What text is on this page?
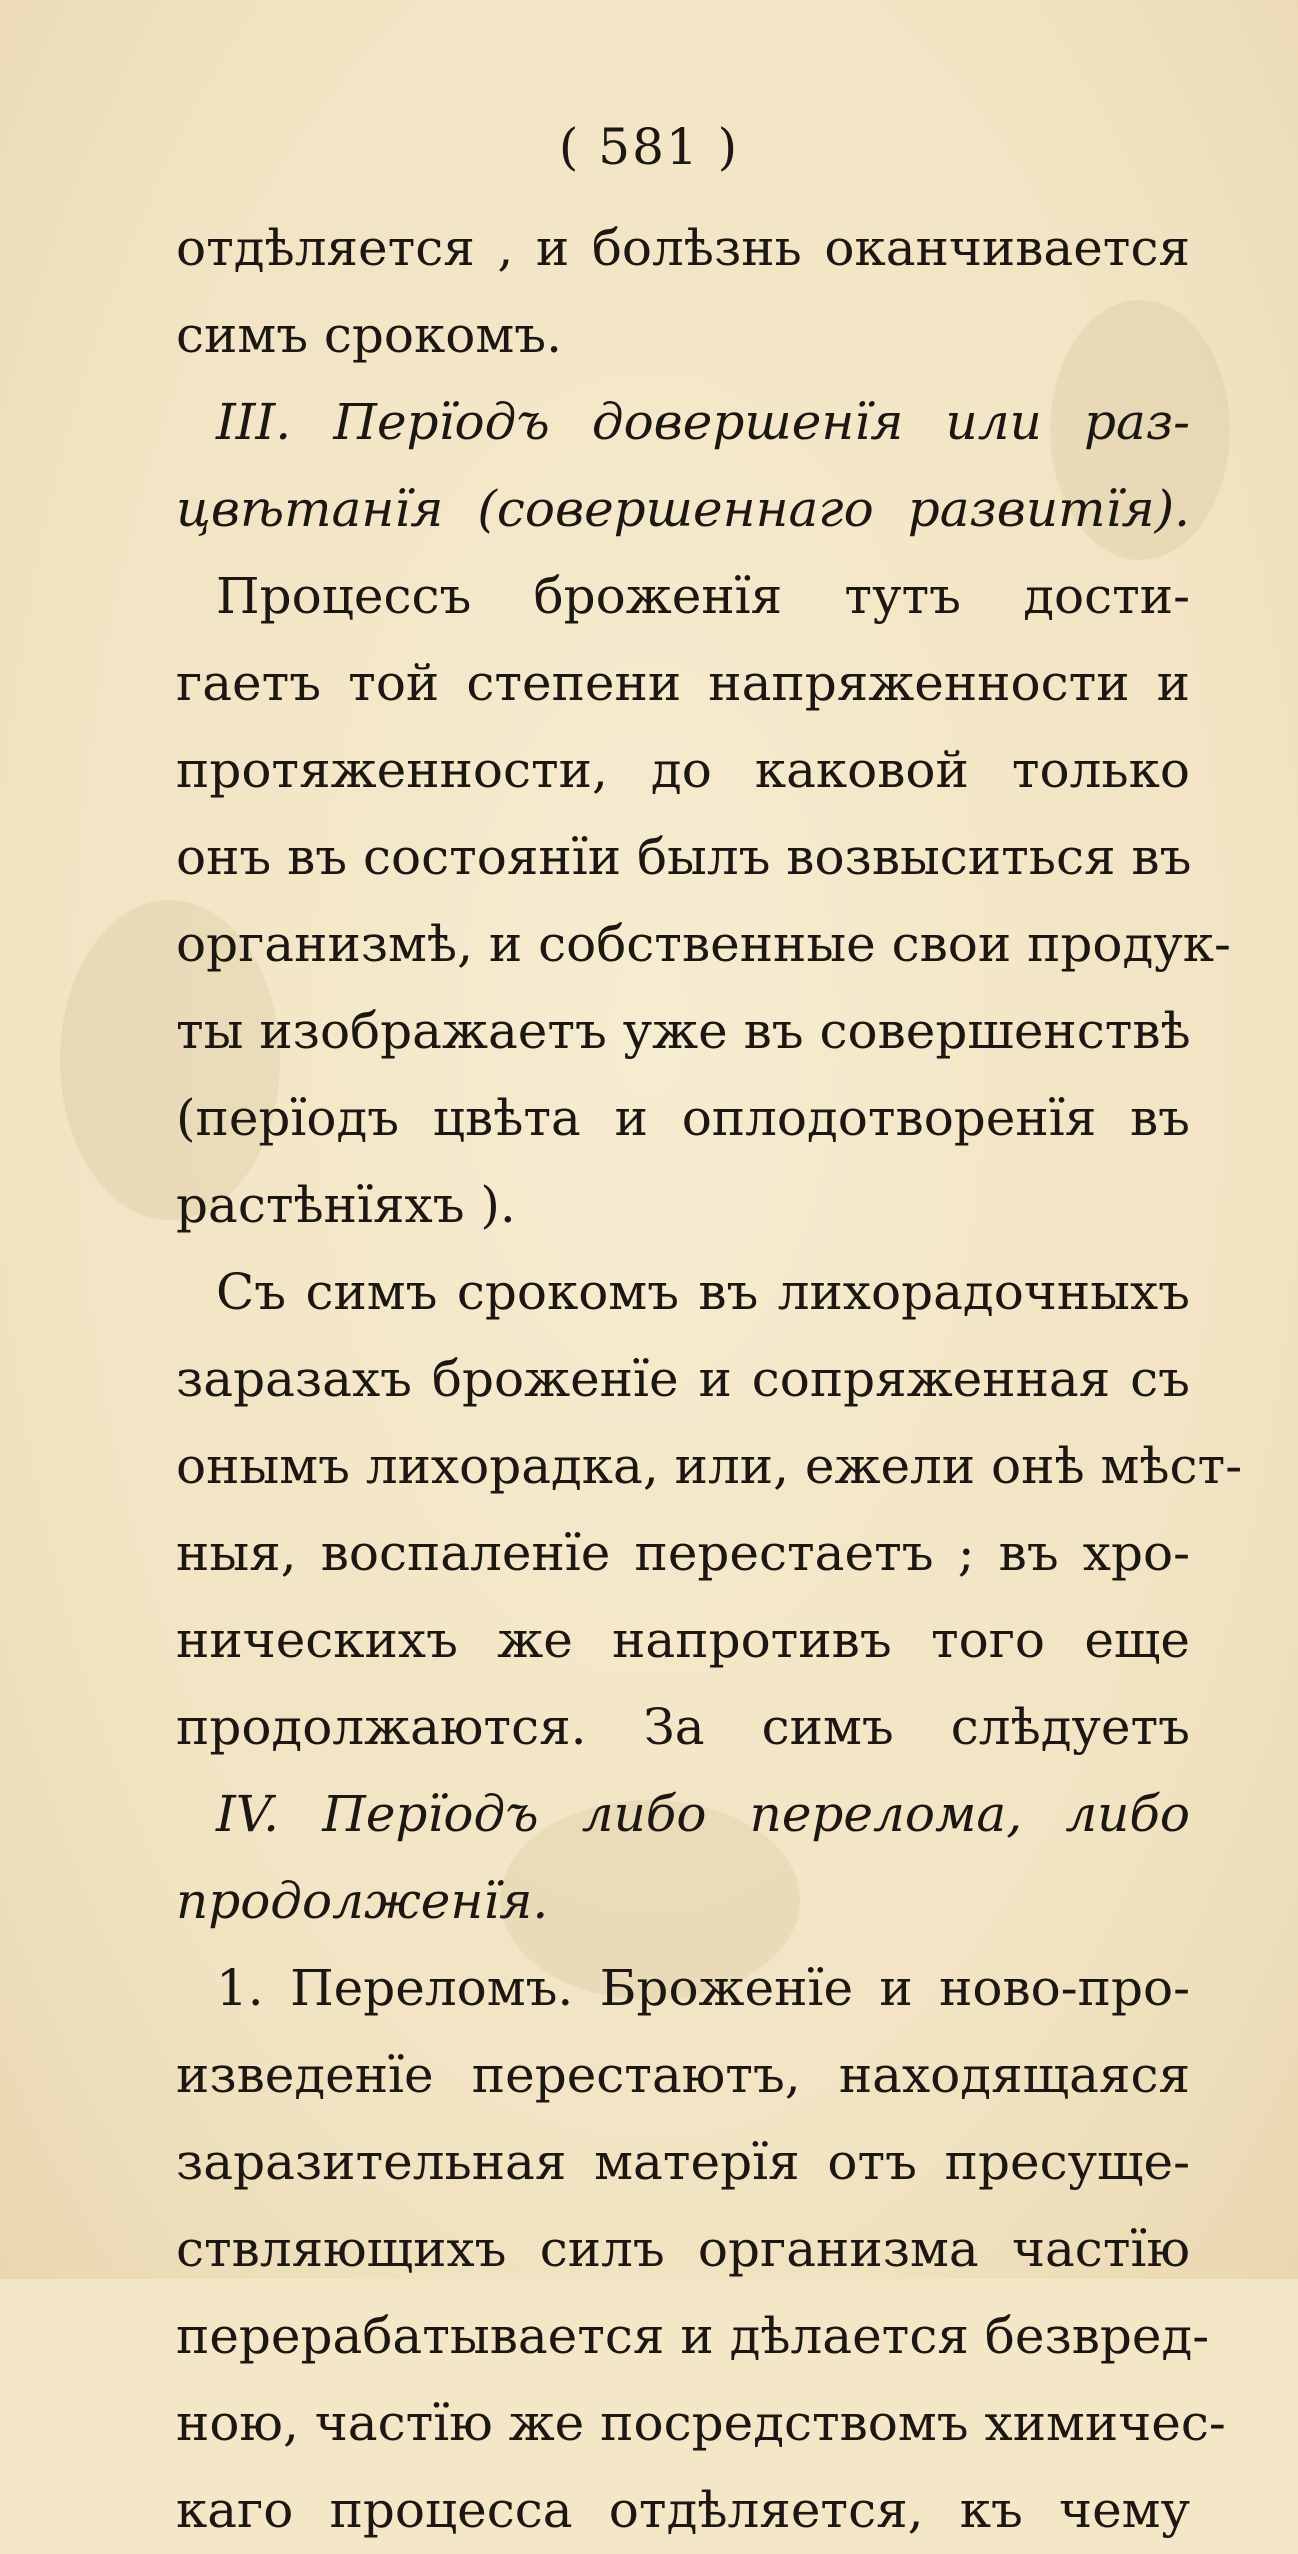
( 581 )
отдѣляется , и болѣзнь оканчивается
симъ срокомъ.
III. Перïодъ довершенïя или раз-
цвѣтанïя (совершеннаго развитïя).
Процессъ броженïя тутъ дости-
гаетъ той степени напряженности и
протяженности, до каковой только
онъ въ состоянïи былъ возвыситься въ
организмѣ, и собственные свои продук-
ты изображаетъ уже въ совершенствѣ
(перïодъ цвѣта и оплодотворенïя въ
растѣнïяхъ ).
Съ симъ срокомъ въ лихорадочныхъ
заразахъ броженïе и сопряженная съ
онымъ лихорадка, или, ежели онѣ мѣст-
ныя, воспаленïе перестаетъ ; въ хро-
ническихъ же напротивъ того еще
продолжаются. За симъ слѣдуетъ
IV. Перïодъ либо перелома, либо
продолженïя.
1. Переломъ. Броженïе и ново-про-
изведенïе перестаютъ, находящаяся
заразительная матерïя отъ пресуще-
ствляющихъ силъ организма частïю
перерабатывается и дѣлается безвред-
ною, частïю же посредствомъ химичес-
каго процесса отдѣляется, къ чему
